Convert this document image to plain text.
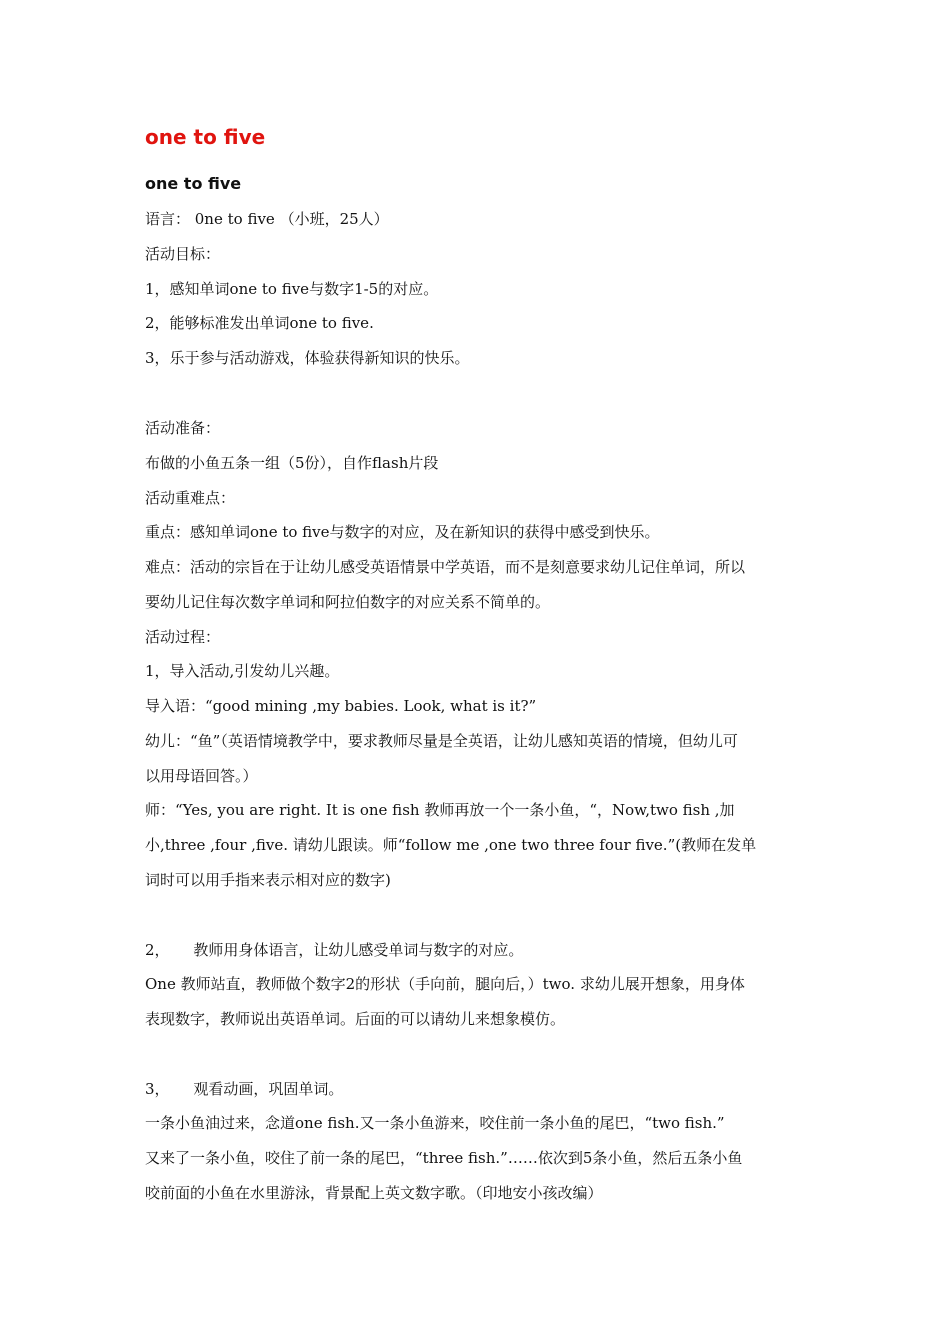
one to five
one to five
语言： 0ne to five （小班，25人）
活动目标：
1，感知单词one to five与数字1-5的对应。
2，能够标准发出单词one to five.
3，乐于参与活动游戏，体验获得新知识的快乐。
活动准备：
布做的小鱼五条一组（5份），自作flash片段
活动重难点：
重点：感知单词one to five与数字的对应，及在新知识的获得中感受到快乐。
难点：活动的宗旨在于让幼儿感受英语情景中学英语，而不是刻意要求幼儿记住单词，所以
要幼儿记住每次数字单词和阿拉伯数字的对应关系不简单的。
活动过程：
1，导入活动,引发幼儿兴趣。
导入语：“good mining ,my babies. Look, what is it?”
幼儿：“鱼”（英语情境教学中，要求教师尽量是全英语，让幼儿感知英语的情境，但幼儿可
以用母语回答。）
师：“Yes, you are right. It is one fish 教师再放一个一条小鱼，“，Now,two fish ,加
小,three ,four ,five. 请幼儿跟读。师“follow me ,one two three four five.”(教师在发单
词时可以用手指来表示相对应的数字)
2，     教师用身体语言，让幼儿感受单词与数字的对应。
One 教师站直，教师做个数字2的形状（手向前，腿向后，）two. 求幼儿展开想象，用身体
表现数字，教师说出英语单词。后面的可以请幼儿来想象模仿。
3，     观看动画，巩固单词。
一条小鱼油过来，念道one fish.又一条小鱼游来，咬住前一条小鱼的尾巴，“two fish.”
又来了一条小鱼，咬住了前一条的尾巴，“three fish.”……依次到5条小鱼，然后五条小鱼
咬前面的小鱼在水里游泳，背景配上英文数字歌。（印地安小孩改编）
